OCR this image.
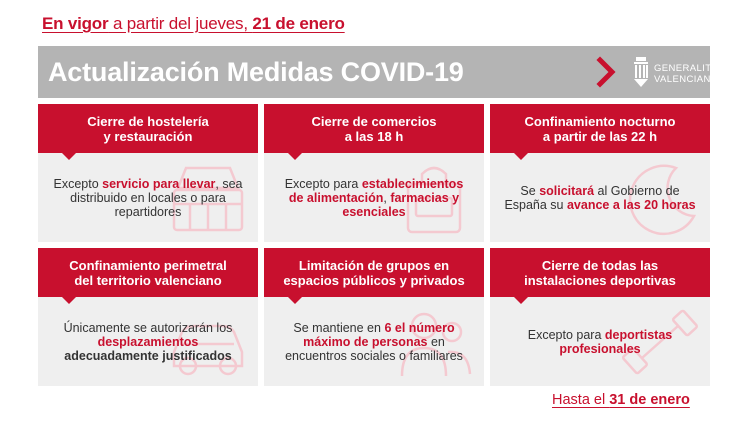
En vigor a partir del jueves, 21 de enero
Actualización Medidas COVID-19	GENERALITAT
VALENCIANA
Cierre de hostelería
y restauración
Excepto servicio para llevar, sea distribuido en locales o para repartidores
Cierre de comercios
a las 18 h
Excepto para establecimientos de alimentación, farmacias y esenciales
Confinamiento nocturno
a partir de las 22 h
Se solicitará al Gobierno de España su avance a las 20 horas
Confinamiento perimetral
del territorio valenciano
Únicamente se autorizarán los desplazamientos adecuadamente justificados
Limitación de grupos en
espacios públicos y privados
Se mantiene en 6 el número máximo de personas en encuentros sociales o familiares
Cierre de todas las
instalaciones deportivas
Excepto para deportistas profesionales
Hasta el 31 de enero
